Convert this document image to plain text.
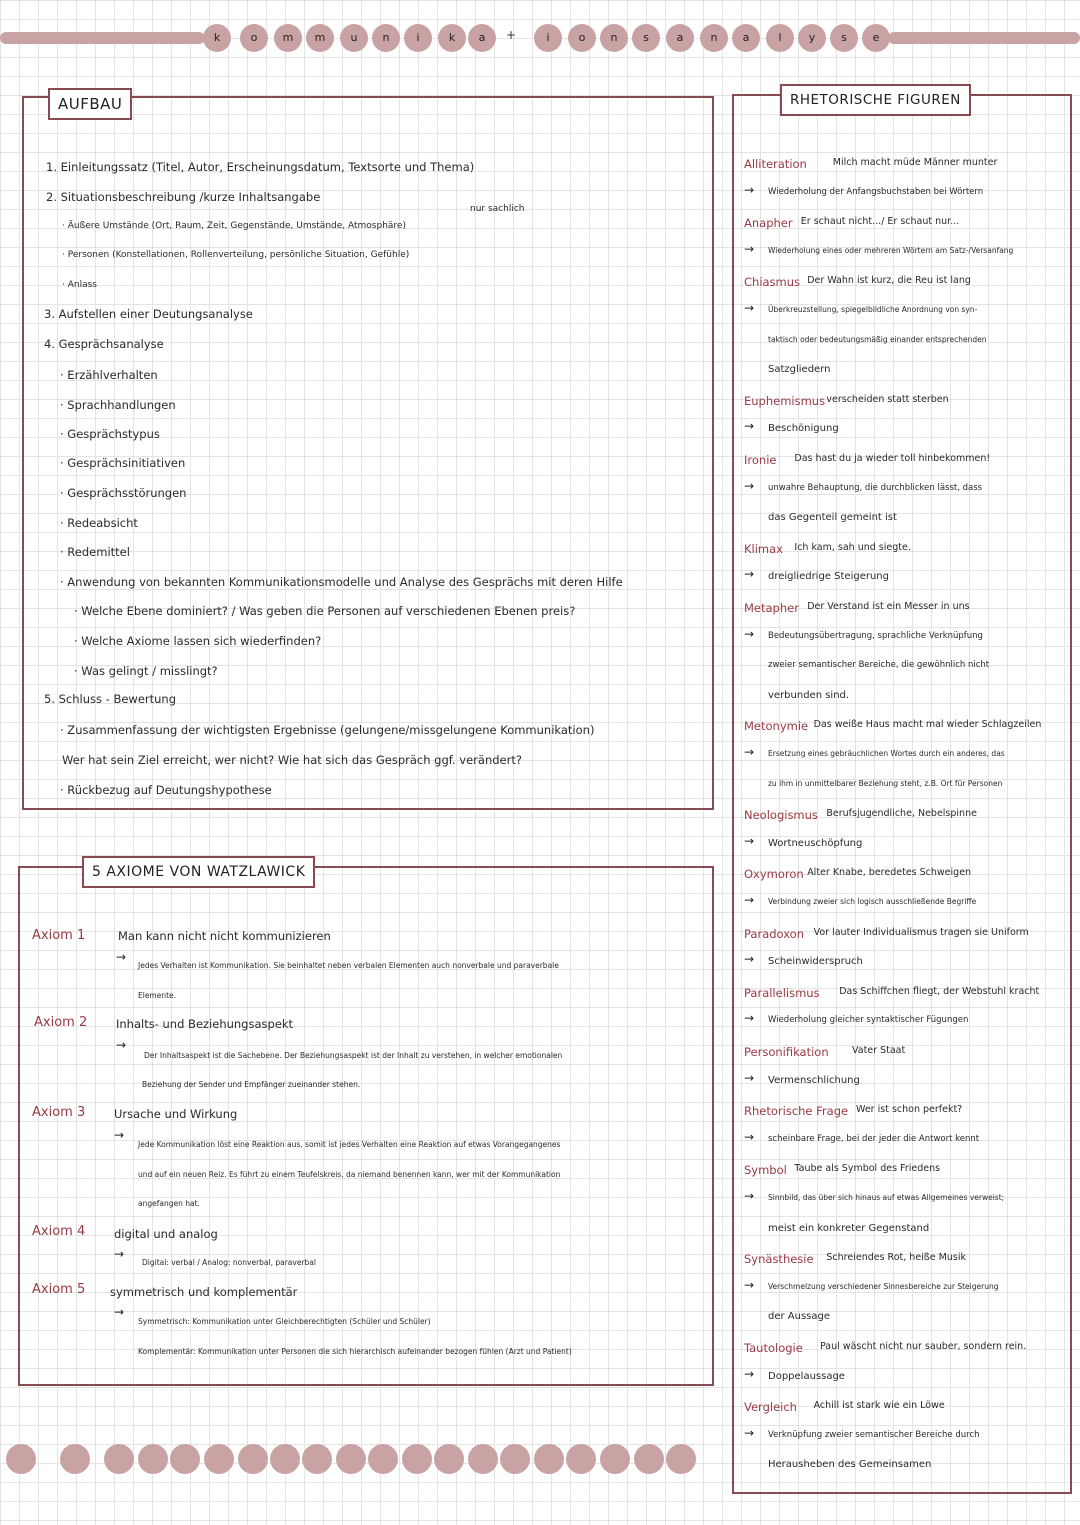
k	o	m	m	u	n	i	k	a	+	i	o	n	s	a	n	a	l	y	s	e
AUFBAU
1. Einleitungssatz (Titel, Autor, Erscheinungsdatum, Textsorte und Thema)
2. Situationsbeschreibung /kurze Inhaltsangabe
nur sachlich
· Äußere Umstände (Ort, Raum, Zeit, Gegenstände, Umstände, Atmosphäre)
· Personen (Konstellationen, Rollenverteilung, persönliche Situation, Gefühle)
· Anlass
3. Aufstellen einer Deutungsanalyse
4. Gesprächsanalyse
· Erzählverhalten
· Sprachhandlungen
· Gesprächstypus
· Gesprächsinitiativen
· Gesprächsstörungen
· Redeabsicht
· Redemittel
· Anwendung von bekannten Kommunikationsmodelle und Analyse des Gesprächs mit deren Hilfe
· Welche Ebene dominiert? / Was geben die Personen auf verschiedenen Ebenen preis?
· Welche Axiome lassen sich wiederfinden?
· Was gelingt / misslingt?
5. Schluss - Bewertung
· Zusammenfassung der wichtigsten Ergebnisse (gelungene/missgelungene Kommunikation)
Wer hat sein Ziel erreicht, wer nicht? Wie hat sich das Gespräch ggf. verändert?
· Rückbezug auf Deutungshypothese
5 AXIOME VON WATZLAWICK
Axiom 1	Man kann nicht nicht kommunizieren
→
Jedes Verhalten ist Kommunikation. Sie beinhaltet neben verbalen Elementen auch nonverbale und paraverbale
Elemente.
Axiom 2	Inhalts- und Beziehungsaspekt
→
Der Inhaltsaspekt ist die Sachebene. Der Beziehungsaspekt ist der Inhalt zu verstehen, in welcher emotionalen
Beziehung der Sender und Empfänger zueinander stehen.
Axiom 3	Ursache und Wirkung
→
Jede Kommunikation löst eine Reaktion aus, somit ist jedes Verhalten eine Reaktion auf etwas Vorangegangenes
und auf ein neuen Reiz. Es führt zu einem Teufelskreis, da niemand benennen kann, wer mit der Kommunikation
angefangen hat.
Axiom 4	digital und analog
→
Digital: verbal / Analog: nonverbal, paraverbal
Axiom 5 symmetrisch und komplementär
→
Symmetrisch: Kommunikation unter Gleichberechtigten (Schüler und Schüler)
Komplementär: Kommunikation unter Personen die sich hierarchisch aufeinander bezogen fühlen (Arzt und Patient)
RHETORISCHE FIGUREN
Alliteration	Milch macht müde Männer munter
→ Wiederholung der Anfangsbuchstaben bei Wörtern
Anapher Er schaut nicht.../ Er schaut nur...
→ Wiederholung eines oder mehreren Wörtern am Satz-/Versanfang
Chiasmus Der Wahn ist kurz, die Reu ist lang
→ Überkreuzstellung, spiegelbildliche Anordnung von syn-
taktisch oder bedeutungsmäßig einander entsprechenden
Satzgliedern
Euphemismus verscheiden statt sterben
→ Beschönigung
Ironie Das hast du ja wieder toll hinbekommen!
→ unwahre Behauptung, die durchblicken lässt, dass
das Gegenteil gemeint ist
Klimax Ich kam, sah und siegte.
→ dreigliedrige Steigerung
Metapher Der Verstand ist ein Messer in uns
→ Bedeutungsübertragung, sprachliche Verknüpfung
zweier semantischer Bereiche, die gewöhnlich nicht
verbunden sind.
Metonymie Das weiße Haus macht mal wieder Schlagzeilen
→ Ersetzung eines gebräuchlichen Wortes durch ein anderes, das
zu ihm in unmittelbarer Beziehung steht, z.B. Ort für Personen
Neologismus Berufsjugendliche, Nebelspinne
→ Wortneuschöpfung
Oxymoron Alter Knabe, beredetes Schweigen
→ Verbindung zweier sich logisch ausschließende Begriffe
Paradoxon Vor lauter Individualismus tragen sie Uniform
→ Scheinwiderspruch
Parallelismus Das Schiffchen fliegt, der Webstuhl kracht
→ Wiederholung gleicher syntaktischer Fügungen
Personifikation Vater Staat
→ Vermenschlichung
Rhetorische Frage Wer ist schon perfekt?
→ scheinbare Frage, bei der jeder die Antwort kennt
Symbol Taube als Symbol des Friedens
→ Sinnbild, das über sich hinaus auf etwas Allgemeines verweist;
meist ein konkreter Gegenstand
Synästhesie Schreiendes Rot, heiße Musik
→ Verschmelzung verschiedener Sinnesbereiche zur Steigerung
der Aussage
Tautologie Paul wäscht nicht nur sauber, sondern rein.
→ Doppelaussage
Vergleich Achill ist stark wie ein Löwe
→ Verknüpfung zweier semantischer Bereiche durch
Herausheben des Gemeinsamen
